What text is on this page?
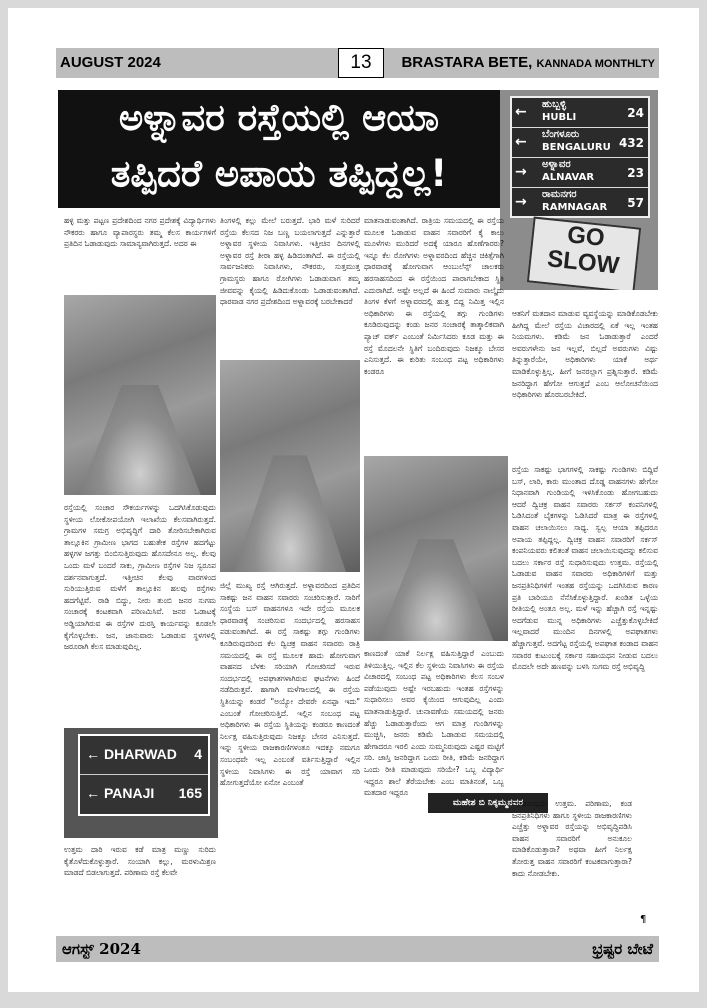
AUGUST 2024	13	BRASTARA BETE, KANNADA MONTHLTY
ಅಳ್ನಾವರ ರಸ್ತೆಯಲ್ಲಿ ಆಯಾ
ತಪ್ಪಿದರೆ ಅಪಾಯ ತಪ್ಪಿದ್ದಲ್ಲ!
← ಹುಬ್ಬಳ್ಳಿ
HUBLI	24
← ಬೆಂಗಳೂರು
BENGALURU 432
→ ಅಳ್ನಾವರ
ALNAVAR	23
→ ರಾಮನಗರ
RAMNAGAR 57
GO
SLOW

ಹಳ್ಳಿ ಮತ್ತು ಪಟ್ಟಣ ಪ್ರದೇಶದಿಂದ ನಗರ ಪ್ರದೇಶಕ್ಕೆ ವಿದ್ಯಾರ್ಥಿಗಳು ನೌಕರರು ಹಾಗೂ ವ್ಯಾಪಾರಸ್ಥರು ತಮ್ಮ ಕೆಲಸ ಕಾರ್ಯಗಳಿಗೆ ಪ್ರತಿದಿನ ಓಡಾಡುವುದು ಸಾಮಾನ್ಯವಾಗಿರುತ್ತದೆ. ಅದರ ಈ

ರಸ್ತೆಯಲ್ಲಿ ಸಂಚಾರ ಸೌಕರ್ಯಗಳನ್ನು ಒದಗಿಸಿಕೊಡುವುದು ಸ್ಥಳೀಯ ಲೋಕೋಪಯೋಗಿ ಇಲಾಖೆಯ ಕೆಲಸವಾಗಿರುತ್ತದೆ. ಗ್ರಾಮಗಳ ಸಮಗ್ರ ಅಭಿವೃದ್ಧಿಗೆ ದಾರಿ ತೋರಿಸಬೇಕಾಗಿರುವ ತಾಲ್ಲೂಕಿನ ಗ್ರಾಮೀಣ ಭಾಗದ ಬಹುತೇಕ ರಸ್ತೆಗಳ ಹದಗೆಟ್ಟು ಹಳ್ಳಗಳ ಜಗತ್ತು ಬಿಂಬಿಸುತ್ತಿರುವುದು ಹೊಸದೇನೂ ಅಲ್ಲ. ಕೆಲವು ಒಂದು ಮಳೆ ಬಂದರೆ ಸಾಕು, ಗ್ರಾಮೀಣ ರಸ್ತೆಗಳ ನಿಜ ಸ್ವರೂಪ ದರ್ಶನವಾಗುತ್ತದೆ. ಇತ್ತೀಚಿನ ಕೆಲವು ವಾರಗಳಿಂದ ಸುರಿಯುತ್ತಿರುವ ಮಳೆಗೆ ತಾಲ್ಲೂಕಿನ ಹಲವು ರಸ್ತೆಗಳು ಹದಗೆಟ್ಟಿವೆ. ರಾಡಿ ಬಿದ್ದು, ನೀರು ತುಂಬಿ ಜನರ ಸುಗಮ ಸಂಚಾರಕ್ಕೆ ಕಂಟಕವಾಗಿ ಪರಿಣಮಿಸಿವೆ. ಜನರ ಓಡಾಟಕ್ಕೆ ಅಡ್ಡಿಯಾಗಿರುವ ಈ ರಸ್ತೆಗಳ ದುರಸ್ತಿ ಕಾರ್ಯವನ್ನು ಕೂಡಲೇ ಕೈಗೊಳ್ಳಬೇಕು. ಜನ, ಜಾನುವಾರು ಓಡಾಡುವ ಸ್ಥಳಗಳಲ್ಲಿ ಜರೂರಾಗಿ ಕೆಲಸ ಮಾಡುವುದಿಲ್ಲ.

← DHARWAD 4
← PANAJI 165

ಉತ್ತಮ ದಾರಿ ಇರುವ ಕಡೆ ಮಾತ್ರ ಮಣ್ಣು ಸುರಿದು ಕೈತೊಳೆದುಕೊಳ್ಳುತ್ತಾರೆ. ಸಂಯಾಗಿ ಕಲ್ಲು, ಮರಳುಮಿಶ್ರಣ ಮಾಡದೆ ಬಿಡಲಾಗುತ್ತದೆ. ಪರಿಣಾಮ ರಸ್ತೆ ಕೆಲವೇ

ತಿಂಗಳಲ್ಲಿ ಕಲ್ಲು ಮೇಲೆ ಬರುತ್ತದೆ. ಭಾರಿ ಮಳೆ ಸುರಿದರೆ ರಸ್ತೆಯ ಕೆಲಸದ ನಿಜ ಬಣ್ಣ ಬಯಲಾಗುತ್ತದೆ ಎನ್ನುತ್ತಾರೆ ಅಳ್ನಾವರ ಸ್ಥಳೀಯ ನಿವಾಸಿಗಳು. ಇತ್ತೀಚಿನ ದಿನಗಳಲ್ಲಿ ಅಳ್ನಾವರ ರಸ್ತೆ ತೀರಾ ಹಳ್ಳ ಹಿಡಿದಂತಾಗಿದೆ. ಈ ರಸ್ತೆಯಲ್ಲಿ ಸಾರ್ವಜನಿಕರು ನಿವಾಸಿಗಳು, ನೌಕರರು, ಸುತ್ತಮುತ್ತ ಗ್ರಾಮಸ್ಥರು ಹಾಗೂ ರೋಗಿಗಳು ಓಡಾಡುವಾಗ ತಮ್ಮ ಜೀವವನ್ನು ಕೈಯಲ್ಲಿ ಹಿಡಿದುಕೊಂಡು ಓಡಾಡುವಂತಾಗಿದೆ. ಧಾರವಾಡ ನಗರ ಪ್ರದೇಶದಿಂದ ಅಳ್ನಾವರಕ್ಕೆ ಬರಬೇಕಾದರೆ

ಜಿಲ್ಲೆ ಮುಖ್ಯ ರಸ್ತೆ ಆಗಿರುತ್ತದೆ. ಅಳ್ನಾವರದಿಂದ ಪ್ರತಿದಿನ ಸಾಕಷ್ಟು ಜನ ವಾಹನ ಸವಾರರು ಸಂಚರಿಸುತ್ತಾರೆ. ಸಾರಿಗೆ ಸಂಸ್ಥೆಯ ಬಸ್ ವಾಹನಗಳೂ ಇದೇ ರಸ್ತೆಯ ಮೂಲಕ ಧಾರವಾಡಕ್ಕೆ ಸಂಚರಿಸುವ ಸಂದರ್ಭದಲ್ಲಿ ಹರಸಾಹಸ ಪಡುವಂತಾಗಿದೆ. ಈ ರಸ್ತೆ ಸಾಕಷ್ಟು ತಗ್ಗು ಗುಂಡಿಗಳು ಕೂಡಿರುವುದರಿಂದ ಕೆಲ ದ್ವಿಚಕ್ರ ವಾಹನ ಸವಾರರು ರಾತ್ರಿ ಸಮಯದಲ್ಲಿ ಈ ರಸ್ತೆ ಮೂಲಕ ಹಾದು ಹೋಗುವಾಗ ವಾಹನದ ಬೆಳಕು ಸರಿಯಾಗಿ ಗೋಚರಿಸದೆ ಇರುವ ಸಂದರ್ಭದಲ್ಲಿ ಅಪಘಾತಗಳಾಗಿರುವ ಘಟನೆಗಳು ಹಿಂದೆ ನಡೆದಿರುತ್ತವೆ. ಹಾಗಾಗಿ ಮಳೆಗಾಲದಲ್ಲಿ ಈ ರಸ್ತೆಯ ಸ್ಥಿತಿಯನ್ನು ಕಂಡರೆ "ಅಯ್ಯೋ ದೇವರೇ ಏನಪ್ಪಾ ಇದು" ಎಂಬಂತೆ ಗೋಚರಿಸುತ್ತಿದೆ. ಇಲ್ಲಿನ ಸಂಬಂಧ ಪಟ್ಟ ಅಧಿಕಾರಿಗಳು ಈ ರಸ್ತೆಯ ಸ್ಥಿತಿಯನ್ನು ಕಂಡರೂ ಕಾಣದಂತೆ ನಿರ್ಲಕ್ಷ ವಹಿಸುತ್ತಿರುವುದು ನಿಜಕ್ಕೂ ಬೇಸರ ಎನಿಸುತ್ತದೆ. ಇನ್ನು ಸ್ಥಳೀಯ ರಾಜಕಾರಣಿಗಳಂತೂ ಇದಕ್ಕೂ ನಮಗೂ ಸಂಬಂಧವೇ ಇಲ್ಲ ಎಂಬಂತೆ ವರ್ತಿಸುತ್ತಿದ್ದಾರೆ ಇಲ್ಲಿನ ಸ್ಥಳೀಯ ನಿವಾಸಿಗಳು ಈ ರಸ್ತೆ ಯಾವಾಗ ಸರಿ ಹೋಗುತ್ತದೆಯೋ ಏನೋ ಎಂಬಂತೆ

ಮಾತನಾಡುವಂತಾಗಿದೆ. ರಾತ್ರಿಯ ಸಮಯದಲ್ಲಿ ಈ ರಸ್ತೆಯ ಮೂಲಕ ಓಡಾಡುವ ವಾಹನ ಸವಾರರಿಗೆ ಕೈ ಕಾಲು ಮೂಳೆಗಳು ಮುರಿದರೆ ಅದಕ್ಕೆ ಯಾರೂ ಹೊಣೆಗಾರರು? ಇನ್ನೂ ಕೆಲ ರೋಗಿಗಳು ಅಳ್ನಾವರದಿಂದ ಹೆಚ್ಚಿನ ಚಿಕಿತ್ಸೆಗಾಗಿ ಧಾರವಾಡಕ್ಕೆ ಹೋಗುವಾಗ ಆಂಬುಲೆನ್ಸ್ ಚಾಲಕರು ಹರಸಾಹಸದಿಂದ ಈ ರಸ್ತೆಯಿಂದ ಪಾರಾಗಬೇಕಾದ ಸ್ಥಿತಿ ಎದುರಾಗಿದೆ. ಅಷ್ಟೇ ಅಲ್ಲದೆ ಈ ಹಿಂದೆ ಸುಮಾರು ನಾಲ್ಕೈದು ತಿಂಗಳ ಕೆಳಗೆ ಅಳ್ನಾವರದಲ್ಲಿ ಹುತ್ತ ಬಿದ್ದ ನಿಮಿತ್ತ ಇಲ್ಲಿನ ಅಧಿಕಾರಿಗಳು ಈ ರಸ್ತೆಯಲ್ಲಿ ತಗ್ಗು ಗುಂಡಿಗಳು ಕೂಡಿರುವುದನ್ನು ಕಂಡು ಜನರ ಸಂಚಾರಕ್ಕೆ ತಾತ್ಕಾಲಿಕವಾಗಿ ಪ್ಯಾಚ್ ವರ್ಕ್ ಎಂಬಂತೆ ನಿರ್ಮಿಸಿದರು ಕೂಡ ಮತ್ತು ಈ ರಸ್ತೆ ಮೊದಲನೇ ಸ್ಥಿತಿಗೆ ಬಂದಿರುವುದು ನಿಜಕ್ಕೂ ಬೇಸರ ಎನಿಸುತ್ತದೆ. ಈ ಕುರಿತು ಸಂಬಂಧ ಪಟ್ಟ ಅಧಿಕಾರಿಗಳು ಕಂಡರೂ

ಕಾಣದಂತೆ ಯಾಕೆ ನಿರ್ಲಕ್ಷ ವಹಿಸುತ್ತಿದ್ದಾರೆ ಎಂಬುದು ತಿಳಿಯುತ್ತಿಲ್ಲ. ಇಲ್ಲಿನ ಕೆಲ ಸ್ಥಳೀಯ ನಿವಾಸಿಗಳು ಈ ರಸ್ತೆಯ ವಿಚಾರದಲ್ಲಿ ಸಂಬಂಧ ಪಟ್ಟ ಅಧಿಕಾರಿಗಳು ಕೆಲಸ ಸಂಬಳ ಪಡೆಯುವುದು ಅಷ್ಟೇ ಇರಬಹುದು ಇಂತಹ ರಸ್ತೆಗಳನ್ನು ಸುಧಾರಿಸಲು ಅವರ ಕೈಯಿಂದ ಆಗುವುದಿಲ್ಲ ಎಂದು ಮಾತನಾಡುತ್ತಿದ್ದಾರೆ. ಚುನಾವಣೆಯ ಸಮಯದಲ್ಲಿ ಜನರು ಹೆಚ್ಚು ಓಡಾಡುತ್ತಾರೆಂದು ಆಗ ಮಾತ್ರ ಗುಂಡಿಗಳನ್ನು ಮುಚ್ಚಿಸಿ, ಜನರು ಕಡಿಮೆ ಓಡಾಡುವ ಸಮಯದಲ್ಲಿ ಹೇಗಾದರೂ ಇರಲಿ ಎಂದು ಸುಮ್ಮನಿರುವುದು ಎಷ್ಟರ ಮಟ್ಟಿಗೆ ಸರಿ. ಜಾಸ್ತಿ ಜನರಿದ್ದಾಗ ಒಂದು ರೀತಿ, ಕಡಿಮೆ ಜನರಿದ್ದಾಗ ಒಂದು ರೀತಿ ಮಾಡುವುದು ಸರಿಯೇ? ಒಬ್ಬ ವಿದ್ಯಾರ್ಥಿ ಇದ್ದರೂ ಶಾಲೆ ತೆರೆಯಬೇಕು ಎಂಬ ಮಾತಿನಂತೆ, ಒಬ್ಬ ಮತದಾರ ಇದ್ದರೂ

ಮಹೇಶ ಬಿ ನಿಕ್ಕಮ್ಮನವರ

ಆತನಿಗೆ ಮತದಾನ ಮಾಡುವ ವ್ಯವಸ್ಥೆಯನ್ನು ಮಾಡಿಕೊಡಬೇಕು ಹೀಗಿದ್ದ ಮೇಲೆ ರಸ್ತೆಯ ವಿಚಾರದಲ್ಲಿ ಏಕೆ ಇಲ್ಲ ಇಂತಹ ನಿಯಮಗಳು. ಕಡಿಮೆ ಜನ ಓಡಾಡುತ್ತಾರೆ ಎಂದರೆ ಅವರುಗಳೇನು ಜನ ಇಲ್ಲವೆ, ಬಿಲ್ಲದೆ ಅವರುಗಳು ವಿಷ್ಟು ತಿನ್ನುತ್ತಾರೆಯೇ, ಅಧಿಕಾರಿಗಳು ಯಾಕೆ ಅರ್ಥ ಮಾಡಿಕೊಳ್ಳುತ್ತಿಲ್ಲ. ಹೀಗೆ ಜನರಲ್ಲಾಗ ಪ್ರಶ್ನಿಸುತ್ತಾರೆ. ಕಡಿಮೆ ಜನರಿದ್ದಾಗ ಹೇಗೋ ಆಗುತ್ತದೆ ಎಂಬ ಆಲೋಚನೆಯಿಂದ ಅಧಿಕಾರಿಗಳು ಹೊರಬರಬೇಕಿದೆ.

ರಸ್ತೆಯ ಸಾಕಷ್ಟು ಭಾಗಗಳಲ್ಲಿ ಸಾಕಷ್ಟು ಗುಂಡಿಗಳು ಬಿದ್ದಿವೆ ಬಸ್, ಲಾರಿ, ಕಾರು ಮುಂತಾದ ದೊಡ್ಡ ವಾಹನಗಳು ಹೇಗೋ ನಿಧಾನವಾಗಿ ಗುಂಡಿಯಲ್ಲಿ ಇಳಿಸಿಕೊಂಡು ಹೋಗಬಹುದು ಆದರೆ ದ್ವಿಚಕ್ರ ವಾಹನ ಸವಾರರು ಸರ್ಕಸ್ ಕಂಪನಿಗಳಲ್ಲಿ ಓಡಿಸಿದಂತೆ ಬೈಕಗಳನ್ನು ಓಡಿಸಿದರೆ ಮಾತ್ರ ಈ ರಸ್ತೆಗಳಲ್ಲಿ ವಾಹನ ಚಲಾಯಿಸಲು ಸಾಧ್ಯ. ಸ್ವಲ್ಪ ಆಯಾ ತಪ್ಪಿದರೂ ಅಪಾಯ ತಪ್ಪಿದ್ದಲ್ಲ. ದ್ವಿಚಕ್ರ ವಾಹನ ಸವಾರರಿಗೆ ಸರ್ಕಸ್ ಕಂಪನಿಯವರು ಕಲಿತಂತೆ ವಾಹನ ಚಲಾಯಿಸುವುದನ್ನು ಕಲಿಸುವ ಬದಲು ಸರ್ಕಾರ ರಸ್ತೆ ಸುಧಾರಿಸುವುದು ಉತ್ತಮ. ರಸ್ತೆಯಲ್ಲಿ ಓಡಾಡುವ ವಾಹನ ಸವಾರರು ಅಧಿಕಾರಿಗಳಿಗೆ ಮತ್ತು ಜನಪ್ರತಿನಿಧಿಗಳಿಗೆ ಇಂತಹ ರಸ್ತೆಯನ್ನು ಒದಗಿಸಿರುವ ಕಾರಣ ಪ್ರತಿ ಬಾರಿಯೂ ನೆನೆಸಿಕೊಳ್ಳುತ್ತಿದ್ದಾರೆ. ಖಂಡಿತ ಒಳ್ಳೆಯ ರೀತಿಯಲ್ಲಿ ಅಂತೂ ಅಲ್ಲ. ಮಳೆ ಇನ್ನು ಹೆಚ್ಚಾಗಿ ರಸ್ತೆ ಇನ್ನಷ್ಟು ಅದಗೆಡುವ ಮುನ್ನ ಅಧಿಕಾರಿಗಳು ಎಚ್ಚೆತ್ತುಕೊಳ್ಳಬೇಕಿದೆ ಇಲ್ಲವಾದರೆ ಮುಂದಿನ ದಿನಗಳಲ್ಲಿ ಅಪಘಾತಗಳು ಹೆಚ್ಚಾಗುತ್ತವೆ. ಅದಗೆಟ್ಟ ರಸ್ತೆಯಲ್ಲಿ ಅಪಘಾತ ಕಂಡಾದ ವಾಹನ ಸವಾರರ ಕುಟುಂಬಕ್ಕೆ ಸರ್ಕಾರ ಸಹಾಯಧನ ನೀಡುವ ಬದಲು ಮೊದಲೇ ಅದೇ ಹಣವನ್ನು ಬಳಸಿ ಸುಗಮ ರಸ್ತೆ ಅಭಿವೃದ್ಧಿ

ಮಾಡಿಸುವುದು ಉತ್ತಮ. ಪರಿಣಾಮ, ಕಂಡ ಜನಪ್ರತಿನಿಧಿಗಳು ಹಾಗೂ ಸ್ಥಳೀಯ ರಾಜಕಾರಣಿಗಳು ಎಚ್ಚೆತ್ತು ಅಳ್ನಾವರ ರಸ್ತೆಯನ್ನು ಅಭಿವೃದ್ಧಿಪಡಿಸಿ ವಾಹನ ಸವಾರರಿಗೆ ಅನುಕೂಲ ಮಾಡಿಕೊಡುತ್ತಾರಾ? ಅಥವಾ ಹೀಗೆ ನಿರ್ಲಕ್ಷ ತೋರುತ್ತ ವಾಹನ ಸವಾರರಿಗೆ ಕಂಟಕವಾಗುತ್ತಾರಾ? ಕಾದು ನೋಡಬೇಕು.

¶
ಆಗಸ್ಟ್ 2024	ಭ್ರಷ್ಟರ ಬೇಟೆ
